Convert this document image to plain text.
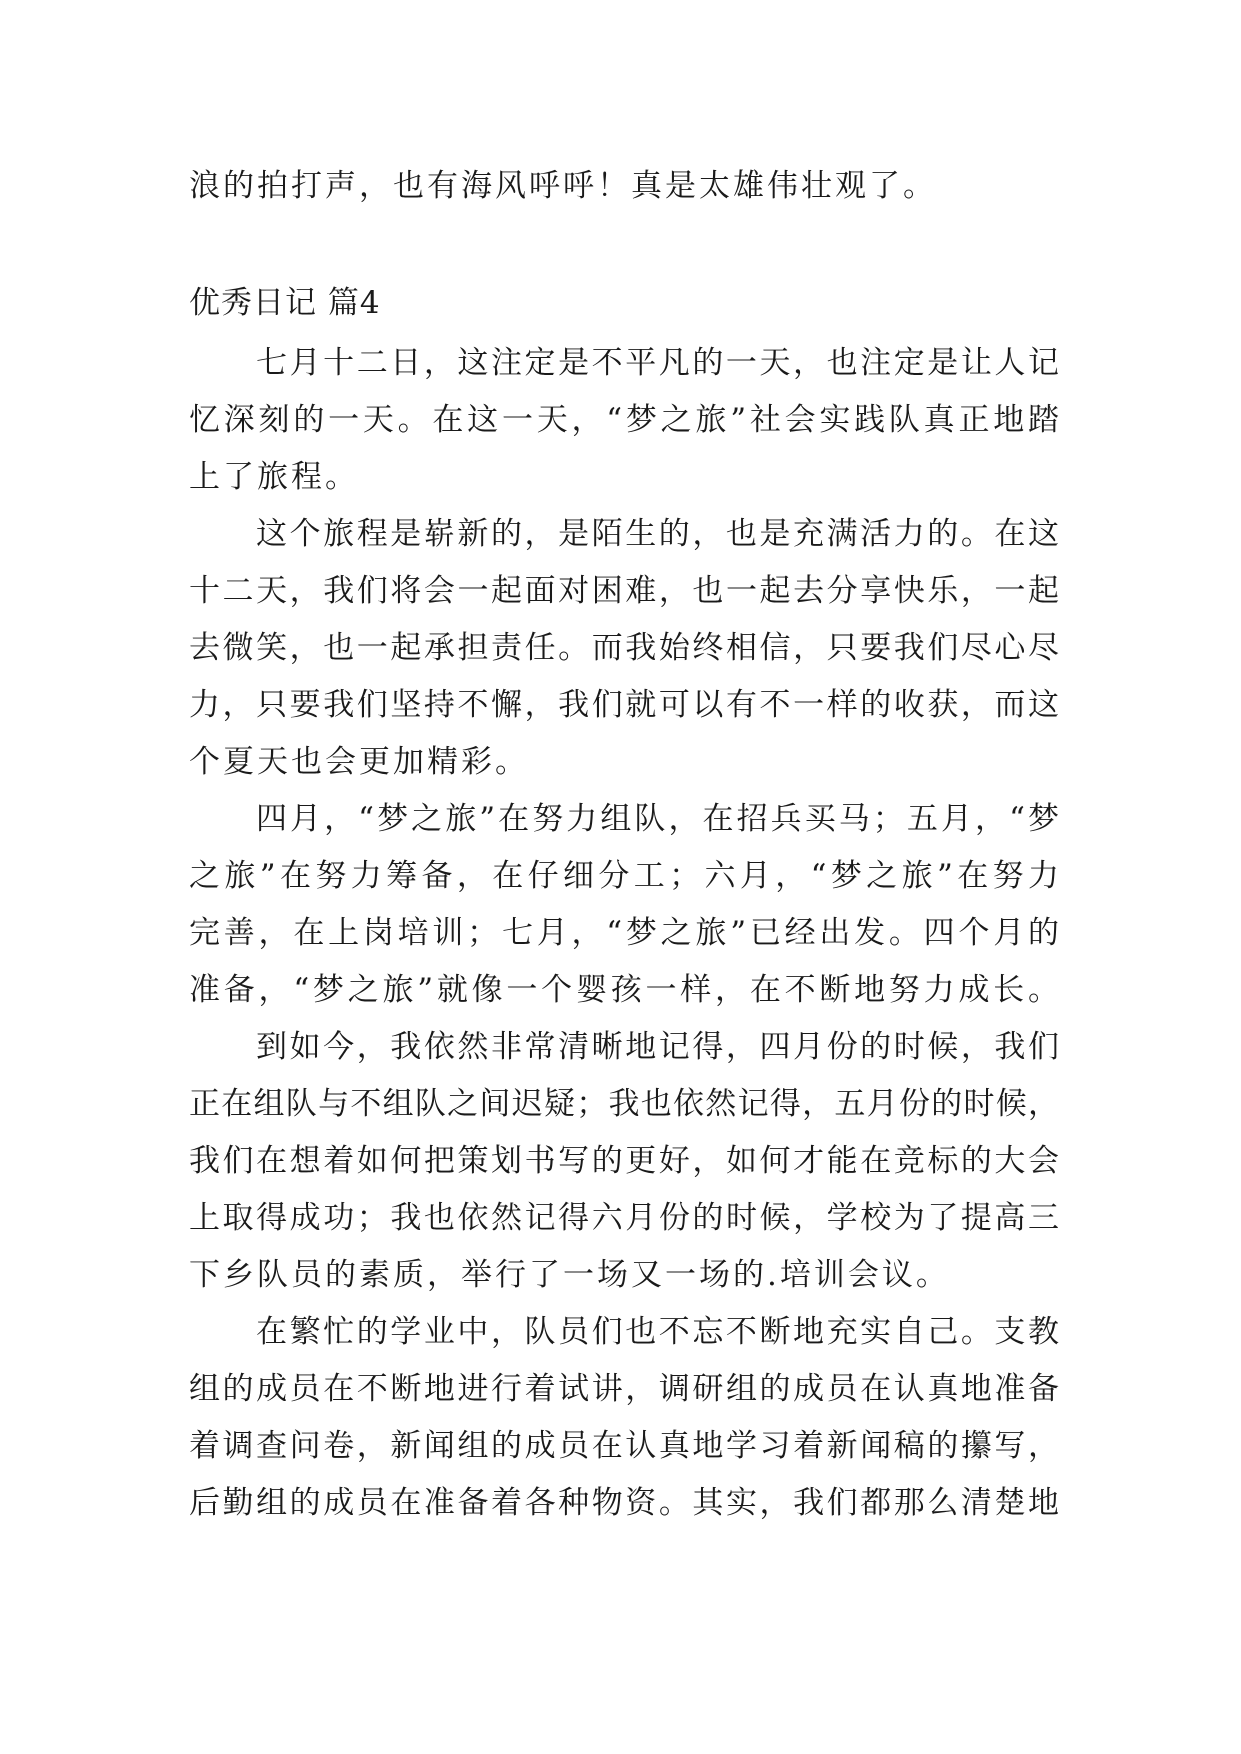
浪的拍打声，也有海风呼呼！真是太雄伟壮观了。
优秀日记 篇4
七月十二日，这注定是不平凡的一天，也注定是让人记
忆深刻的一天。在这一天，“梦之旅”社会实践队真正地踏
上了旅程。
这个旅程是崭新的，是陌生的，也是充满活力的。在这
十二天，我们将会一起面对困难，也一起去分享快乐，一起
去微笑，也一起承担责任。而我始终相信，只要我们尽心尽
力，只要我们坚持不懈，我们就可以有不一样的收获，而这
个夏天也会更加精彩。
四月，“梦之旅”在努力组队，在招兵买马；五月，“梦
之旅”在努力筹备，在仔细分工；六月，“梦之旅”在努力
完善，在上岗培训；七月，“梦之旅”已经出发。四个月的
准备，“梦之旅”就像一个婴孩一样，在不断地努力成长。
到如今，我依然非常清晰地记得，四月份的时候，我们
正在组队与不组队之间迟疑；我也依然记得，五月份的时候，
我们在想着如何把策划书写的更好，如何才能在竞标的大会
上取得成功；我也依然记得六月份的时候，学校为了提高三
下乡队员的素质，举行了一场又一场的.培训会议。
在繁忙的学业中，队员们也不忘不断地充实自己。支教
组的成员在不断地进行着试讲，调研组的成员在认真地准备
着调查问卷，新闻组的成员在认真地学习着新闻稿的攥写，
后勤组的成员在准备着各种物资。其实，我们都那么清楚地
